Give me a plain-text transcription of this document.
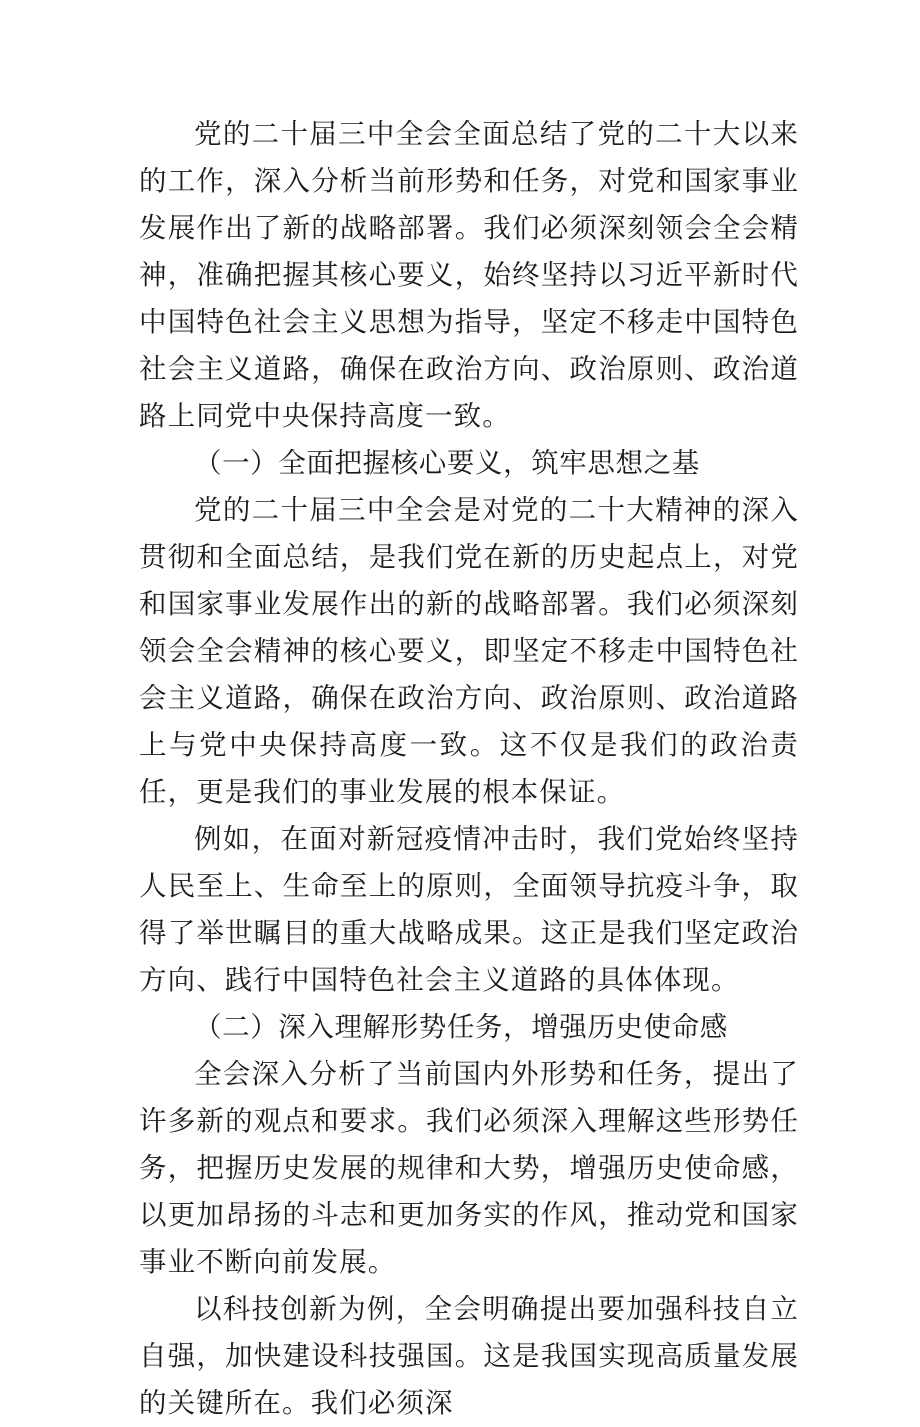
党的二十届三中全会全面总结了党的二十大以来的工作，深入分析当前形势和任务，对党和国家事业发展作出了新的战略部署。我们必须深刻领会全会精神，准确把握其核心要义，始终坚持以习近平新时代中国特色社会主义思想为指导，坚定不移走中国特色社会主义道路，确保在政治方向、政治原则、政治道路上同党中央保持高度一致。

（一）全面把握核心要义，筑牢思想之基

党的二十届三中全会是对党的二十大精神的深入贯彻和全面总结，是我们党在新的历史起点上，对党和国家事业发展作出的新的战略部署。我们必须深刻领会全会精神的核心要义，即坚定不移走中国特色社会主义道路，确保在政治方向、政治原则、政治道路上与党中央保持高度一致。这不仅是我们的政治责任，更是我们的事业发展的根本保证。

例如，在面对新冠疫情冲击时，我们党始终坚持人民至上、生命至上的原则，全面领导抗疫斗争，取得了举世瞩目的重大战略成果。这正是我们坚定政治方向、践行中国特色社会主义道路的具体体现。

（二）深入理解形势任务，增强历史使命感

全会深入分析了当前国内外形势和任务，提出了许多新的观点和要求。我们必须深入理解这些形势任务，把握历史发展的规律和大势，增强历史使命感，以更加昂扬的斗志和更加务实的作风，推动党和国家事业不断向前发展。

以科技创新为例，全会明确提出要加强科技自立自强，加快建设科技强国。这是我国实现高质量发展的关键所在。我们必须深
